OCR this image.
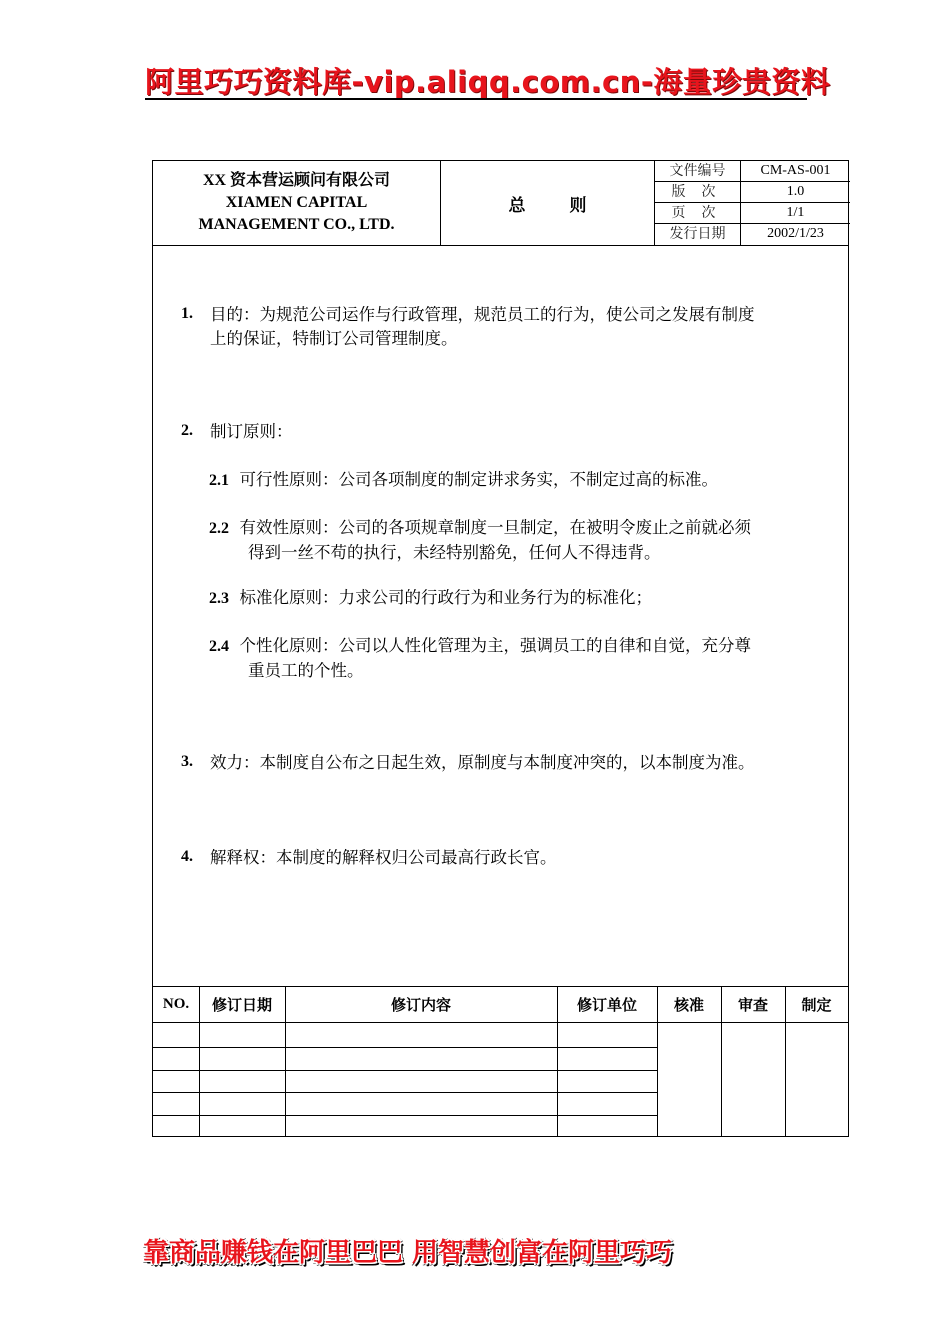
阿里巧巧资料库-vip.aliqq.com.cn-海量珍贵资料
XX 资本营运顾问有限公司
XIAMEN CAPITAL
MANAGEMENT CO., LTD.
总则
文件编号	CM-AS-001
版次	1.0
页次	1/1
发行日期	2002/1/23
1. 目的：为规范公司运作与行政管理，规范员工的行为，使公司之发展有制度
上的保证，特制订公司管理制度。
2. 制订原则：
2.1 可行性原则：公司各项制度的制定讲求务实，不制定过高的标准。
2.2 有效性原则：公司的各项规章制度一旦制定，在被明令废止之前就必须
得到一丝不苟的执行，未经特别豁免，任何人不得违背。
2.3 标准化原则：力求公司的行政行为和业务行为的标准化；
2.4 个性化原则：公司以人性化管理为主，强调员工的自律和自觉，充分尊
重员工的个性。
3. 效力：本制度自公布之日起生效，原制度与本制度冲突的，以本制度为准。
4. 解释权：本制度的解释权归公司最高行政长官。
NO.	修订日期	修订内容	修订单位	核准	审查	制定
靠商品赚钱在阿里巴巴 用智慧创富在阿里巧巧
